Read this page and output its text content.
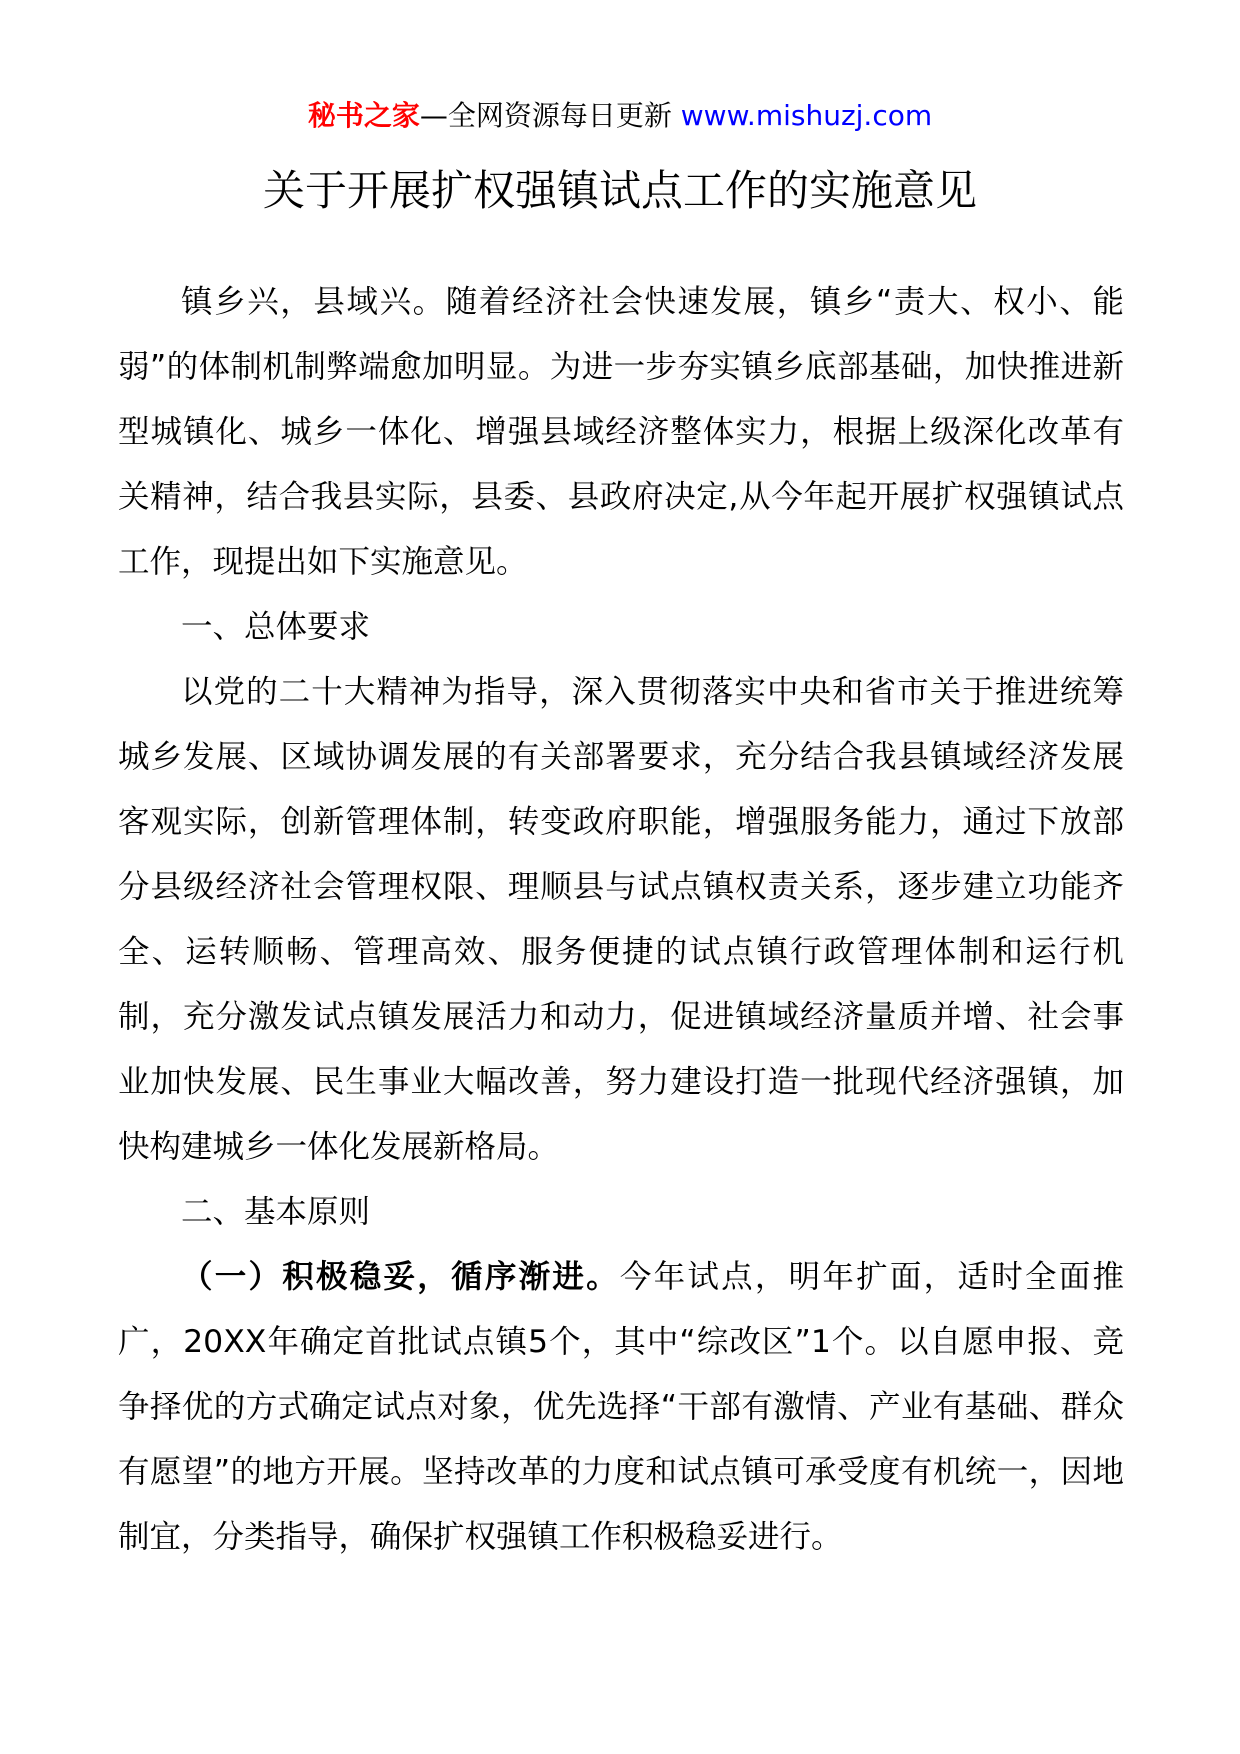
秘书之家—全网资源每日更新 www.mishuzj.com
关于开展扩权强镇试点工作的实施意见

镇乡兴，县域兴。随着经济社会快速发展，镇乡“责大、权小、能弱”的体制机制弊端愈加明显。为进一步夯实镇乡底部基础，加快推进新型城镇化、城乡一体化、增强县域经济整体实力，根据上级深化改革有关精神，结合我县实际，县委、县政府决定,从今年起开展扩权强镇试点工作，现提出如下实施意见。

一、总体要求

以党的二十大精神为指导，深入贯彻落实中央和省市关于推进统筹城乡发展、区域协调发展的有关部署要求，充分结合我县镇域经济发展客观实际，创新管理体制，转变政府职能，增强服务能力，通过下放部分县级经济社会管理权限、理顺县与试点镇权责关系，逐步建立功能齐全、运转顺畅、管理高效、服务便捷的试点镇行政管理体制和运行机制，充分激发试点镇发展活力和动力，促进镇域经济量质并增、社会事业加快发展、民生事业大幅改善，努力建设打造一批现代经济强镇，加快构建城乡一体化发展新格局。

二、基本原则

（一）积极稳妥，循序渐进。今年试点，明年扩面，适时全面推广，20XX年确定首批试点镇5个，其中“综改区”1个。以自愿申报、竞争择优的方式确定试点对象，优先选择“干部有激情、产业有基础、群众有愿望”的地方开展。坚持改革的力度和试点镇可承受度有机统一，因地制宜，分类指导，确保扩权强镇工作积极稳妥进行。
